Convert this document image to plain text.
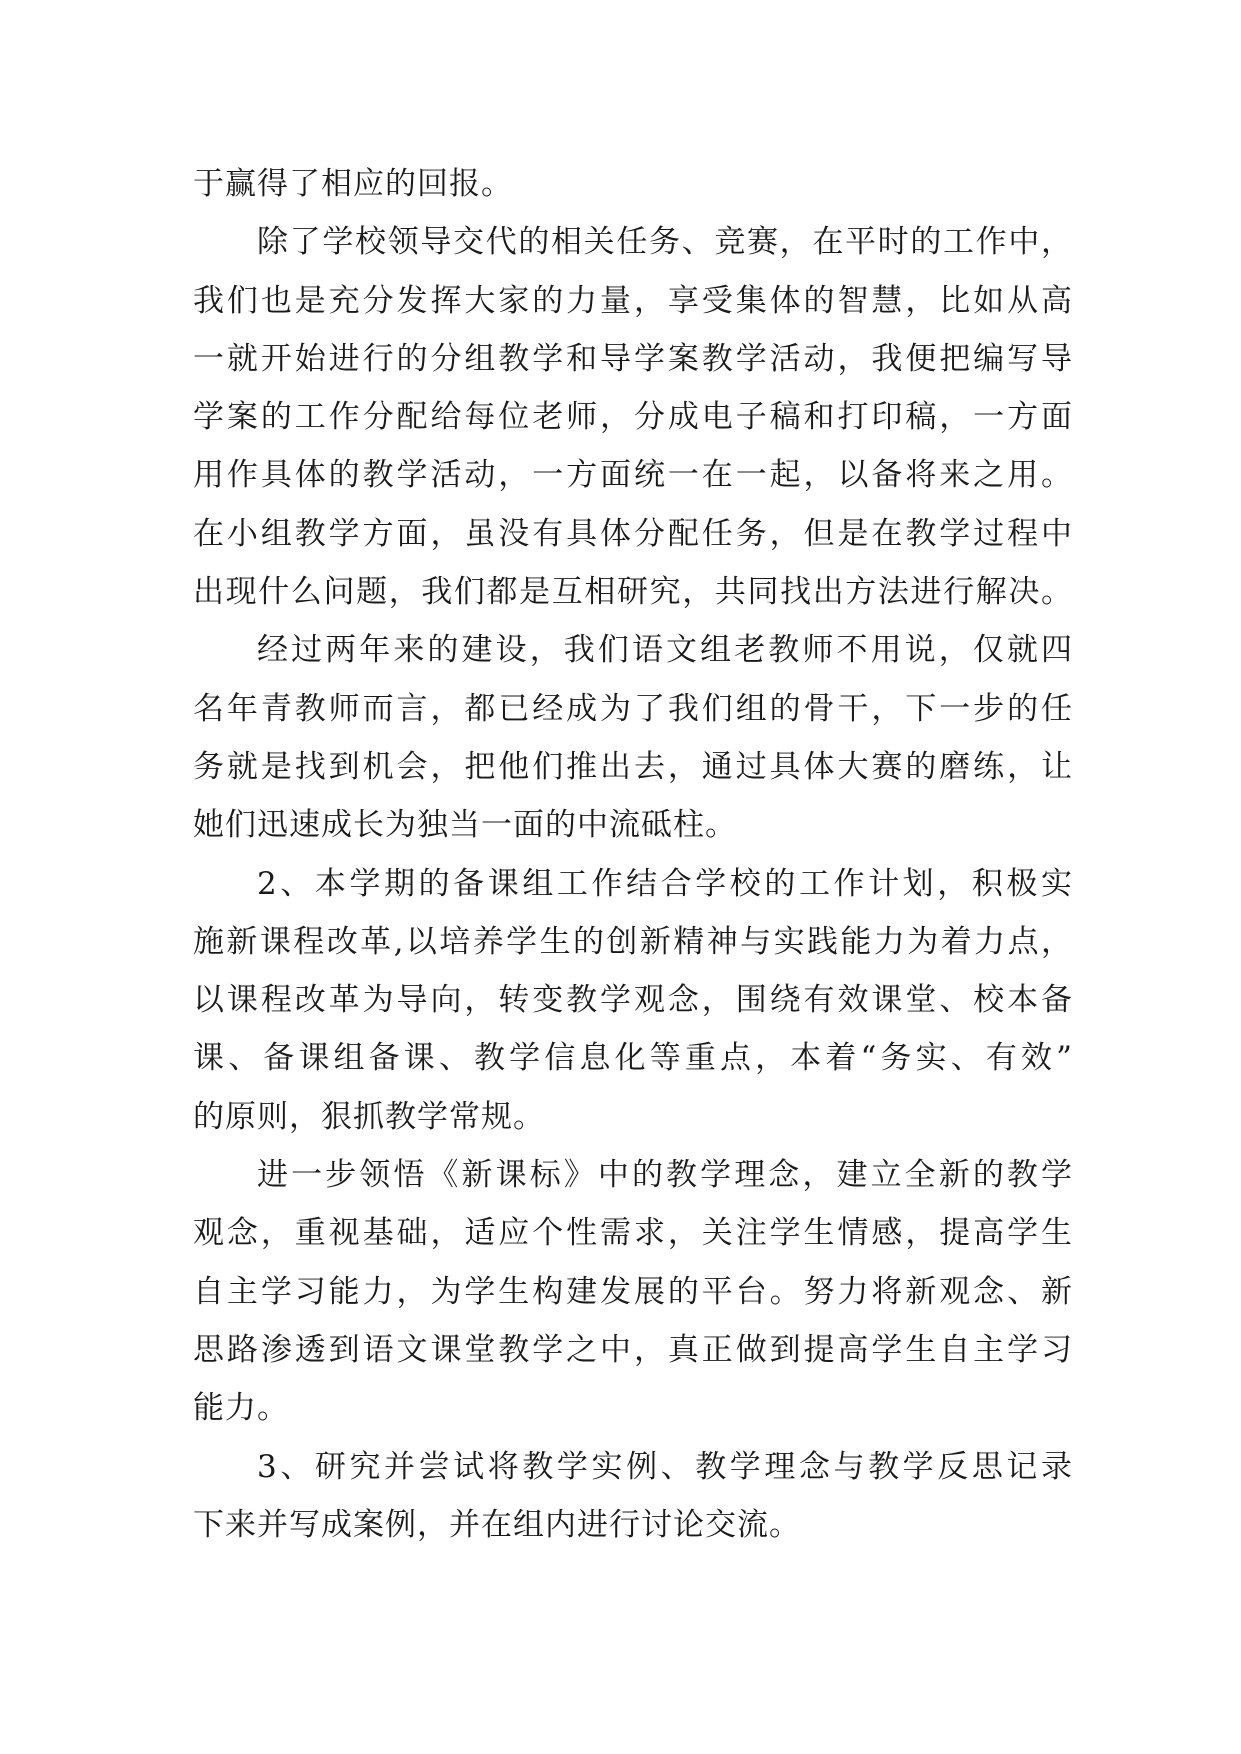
于赢得了相应的回报。
除了学校领导交代的相关任务、竞赛，在平时的工作中，
我们也是充分发挥大家的力量，享受集体的智慧，比如从高
一就开始进行的分组教学和导学案教学活动，我便把编写导
学案的工作分配给每位老师，分成电子稿和打印稿，一方面
用作具体的教学活动，一方面统一在一起，以备将来之用。
在小组教学方面，虽没有具体分配任务，但是在教学过程中
出现什么问题，我们都是互相研究，共同找出方法进行解决。
经过两年来的建设，我们语文组老教师不用说，仅就四
名年青教师而言，都已经成为了我们组的骨干，下一步的任
务就是找到机会，把他们推出去，通过具体大赛的磨练，让
她们迅速成长为独当一面的中流砥柱。
2、本学期的备课组工作结合学校的工作计划，积极实
施新课程改革,以培养学生的创新精神与实践能力为着力点，
以课程改革为导向，转变教学观念，围绕有效课堂、校本备
课、备课组备课、教学信息化等重点，本着“务实、有效”
的原则，狠抓教学常规。
进一步领悟《新课标》中的教学理念，建立全新的教学
观念，重视基础，适应个性需求，关注学生情感，提高学生
自主学习能力，为学生构建发展的平台。努力将新观念、新
思路渗透到语文课堂教学之中，真正做到提高学生自主学习
能力。
3、研究并尝试将教学实例、教学理念与教学反思记录
下来并写成案例，并在组内进行讨论交流。
